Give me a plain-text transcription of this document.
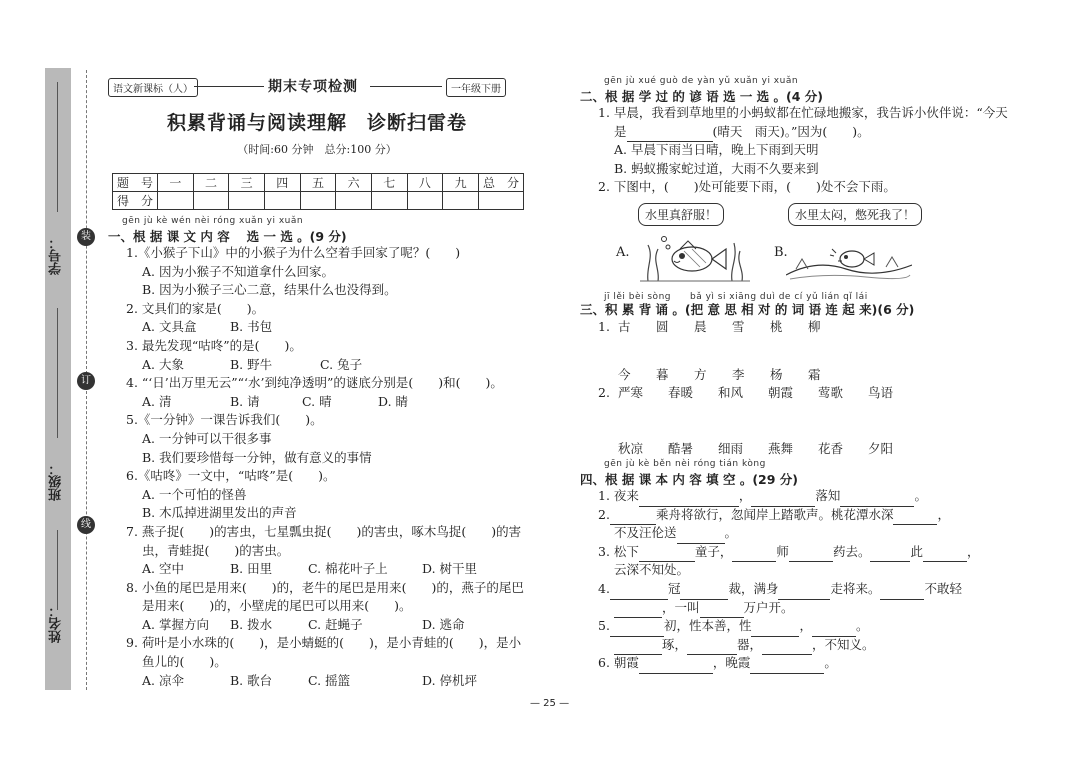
学号：
班级：
姓名：
装
订
线
语文新课标（人）	期末专项检测	一年级下册
积累背诵与阅读理解　诊断扫雷卷
（时间:60 分钟　总分:100 分）
题　号	一	二	三	四	五	六	七	八	九	总　分
得　分										
gēn jù kè wén nèi róng xuǎn yi xuǎn
一、根 据 课 文 内 容 　选 一 选 。(9 分)
1.《小猴子下山》中的小猴子为什么空着手回家了呢？(　　)
A. 因为小猴子不知道拿什么回家。
B. 因为小猴子三心二意，结果什么也没得到。
2. 文具们的家是(　　)。
A. 文具盒	B. 书包
3. 最先发现“咕咚”的是(　　)。
A. 大象	B. 野牛	C. 兔子
4. “‘日’出万里无云”“‘水’到纯净透明”的谜底分别是(　　)和(　　)。
A. 清	B. 请	C. 晴	D. 睛
5.《一分钟》一课告诉我们(　　)。
A. 一分钟可以干很多事
B. 我们要珍惜每一分钟，做有意义的事情
6.《咕咚》一文中，“咕咚”是(　　)。
A. 一个可怕的怪兽
B. 木瓜掉进湖里发出的声音
7. 燕子捉(　　)的害虫，七星瓢虫捉(　　)的害虫，啄木鸟捉(　　)的害
虫，青蛙捉(　　)的害虫。
A. 空中	B. 田里	C. 棉花叶子上	D. 树干里
8. 小鱼的尾巴是用来(　　)的，老牛的尾巴是用来(　　)的，燕子的尾巴
是用来(　　)的，小壁虎的尾巴可以用来(　　)。
A. 掌握方向 B. 拨水	C. 赶蝇子	D. 逃命
9. 荷叶是小水珠的(　　)，是小蜻蜓的(　　)，是小青蛙的(　　)，是小
鱼儿的(　　)。
A. 凉伞	B. 歌台	C. 摇篮	D. 停机坪
gēn jù xué guò de yàn yǔ xuǎn yi xuǎn
二、根 据 学 过 的 谚 语 选 一 选 。(4 分)
1. 早晨，我看到草地里的小蚂蚁都在忙碌地搬家，我告诉小伙伴说：“今天
是	(晴天　雨天)。”因为(　　)。
A. 早晨下雨当日晴，晚上下雨到天明
B. 蚂蚁搬家蛇过道，大雨不久要来到
2. 下图中，(　　)处可能要下雨，(　　)处不会下雨。
A.
水里真舒服！
B.
水里太闷，憋死我了！
jī lěi bèi sòng　　bǎ yì si xiāng duì de cí yǔ lián qǐ lái
三、积 累 背 诵 。(把 意 思 相 对 的 词 语 连 起 来)(6 分)
1. 古 圆 晨 雪 桃 柳
今 暮 方 李 杨 霜
2. 严寒 春暖 和风 朝霞 莺歌 鸟语
秋凉 酷暑 细雨 燕舞 花香 夕阳
gēn jù kè běn nèi róng tián kòng
四、根 据 课 本 内 容 填 空 。(29 分)
1. 夜来	，	落知	。
2.	乘舟将欲行，忽闻岸上踏歌声。桃花潭水深	，
不及汪伦送	。
3. 松下	童子，	师	药去。	此	，
云深不知处。
4.	冠	裁，满身	走将来。	不敢轻
，一叫	万户开。
5.	初，性本善，性	，	。
琢，	器，	，不知义。
6. 朝霞	，晚霞	。
— 25 —
